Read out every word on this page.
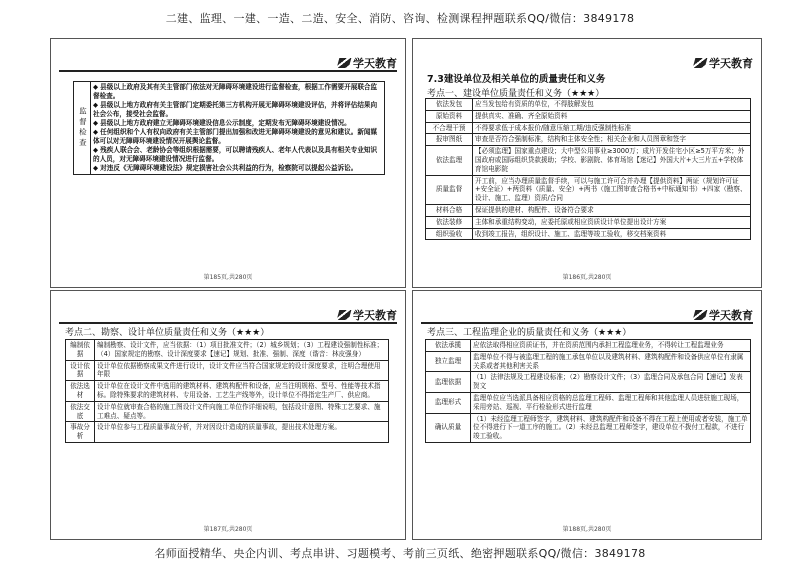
二建、监理、一建、一造、二造、安全、消防、咨询、检测课程押题联系QQ/微信：3849178
学天教育
监督检查	
◆ 县级以上政府及其有关主管部门依法对无障碍环境建设进行监督检查，根据工作需要开展联合监督检查。
◆ 县级以上地方政府有关主管部门定期委托第三方机构开展无障碍环境建设评估，并将评估结果向社会公布，接受社会监督。
◆ 县级以上地方政府建立无障碍环境建设信息公示制度，定期发布无障碍环境建设情况。
◆ 任何组织和个人有权向政府有关主管部门提出加强和改进无障碍环境建设的意见和建议。新闻媒体可以对无障碍环境建设情况开展舆论监督。
◆ 残疾人联合会、老龄协会等组织根据需要，可以聘请残疾人、老年人代表以及具有相关专业知识的人员，对无障碍环境建设情况进行监督。
◆ 对违反《无障碍环境建设法》规定损害社会公共利益的行为，检察院可以提起公益诉讼。
第185页,共280页
学天教育
7.3建设单位及相关单位的质量责任和义务
考点一、建设单位质量责任和义务（★★★）
依法发包	应当发包给有资质的单位，不得肢解发包
原始资料	提供真实、准确、齐全原始资料
不合理干预	不得要求低于成本报价/随意压缩工期/违反强制性标准
报审图纸	审查是否符合强制标准，结构和主体安全性；相关企业和人员图章和签字
依法监理	【必须监理】国家重点建设；大中型公用事业≥3000万；成片开发住宅小区≥5万平方米；外国政府或国际组织贷款援助；学校、影剧院、体育场馆【迷记】外国大片+大三片五+学校体育馆电影院
质量监督	开工前，应当办理质量监督手续，可以与施工许可合并办理【提供资料】两证（规划许可证+安全证）+两资料（质量、安全）+两书（施工图审查合格书+中标通知书）+四家（勘察、设计、施工、监理）资质/合同
材料合格	保证提供的建材、构配件、设备符合要求
依法装修	主体和承重结构变动，应委托原或相应资质设计单位提出设计方案
组织验收	收到竣工报告，组织设计、施工、监理等竣工验收，移交档案资料
第186页,共280页
学天教育
考点二、勘察、设计单位质量责任和义务（★★★）
编制依据	编制勘察、设计文件，应当依据：（1）项目批准文件；（2）城乡规划；（3）工程建设强制性标准；（4）国家规定的勘察、设计深度要求【速记】规划、批准、强制、深度（谐音：林皮强身）
设计依据	设计单位依据勘察成果文件进行设计，设计文件应当符合国家规定的设计深度要求，注明合理使用年限
依法选材	设计单位在设计文件中选用的建筑材料、建筑构配件和设备，应当注明规格、型号、性能等技术指标。除特殊要求的建筑材料、专用设备、工艺生产线等外，设计单位不得指定生产厂、供应商。
依法交底	设计单位就审查合格的施工图设计文件向施工单位作详细说明，包括设计意图、特殊工艺要求、施工难点、疑点等。
事故分析	设计单位参与工程质量事故分析，并对因设计造成的质量事故，提出技术处理方案。
第187页,共280页
学天教育
考点三、工程监理企业的质量责任和义务（★★★）
依法承揽	应依法取得相应资质证书，并在资质范围内承担工程监理业务，不得转让工程监理业务
独立监理	监理单位不得与被监理工程的施工承包单位以及建筑材料、建筑构配件和设备供应单位有隶属关系或者其他利害关系
监理依据	（1）法律法规及工程建设标准；（2）勘察设计文件；（3）监理合同及承包合同【速记】发表贺文
监理形式	监理单位应当选派具备相应资格的总监理工程师、监理工程师和其他监理人员进驻施工现场，采用旁站、巡视、平行检验形式进行监理
确认质量	（1）未经监理工程师签字，建筑材料、建筑构配件和设备不得在工程上使用或者安装，施工单位不得进行下一道工序的施工。（2）未经总监理工程师签字，建设单位不拨付工程款，不进行竣工验收。
第188页,共280页
名师面授精华、央企内训、考点串讲、习题模考、考前三页纸、绝密押题联系QQ/微信：3849178
